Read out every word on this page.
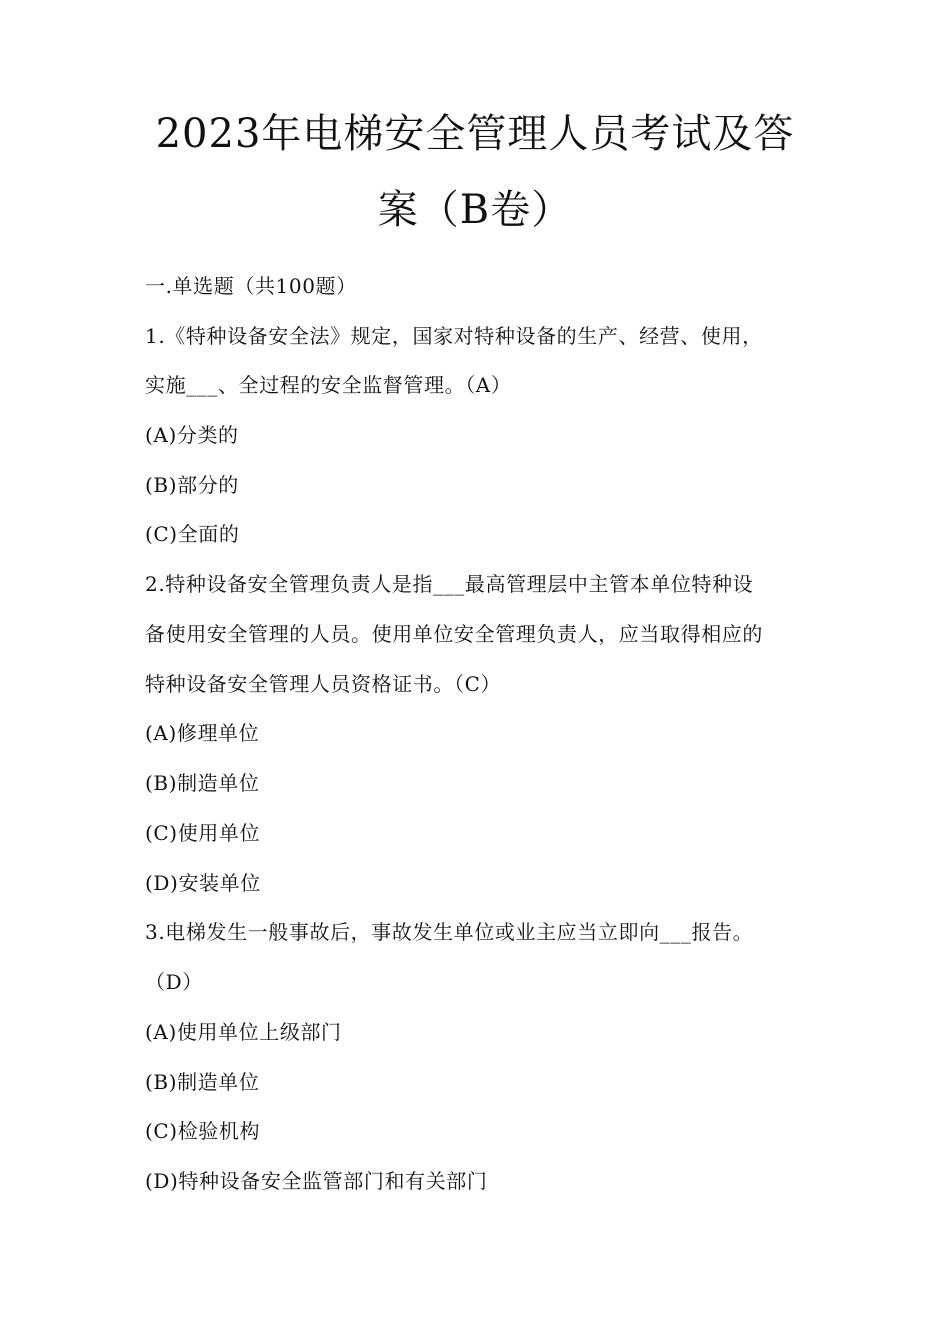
2023年电梯安全管理人员考试及答
案（B卷）
一.单选题（共100题）
1.《特种设备安全法》规定，国家对特种设备的生产、经营、使用，
实施___、全过程的安全监督管理。（A）
(A)分类的
(B)部分的
(C)全面的
2.特种设备安全管理负责人是指___最高管理层中主管本单位特种设
备使用安全管理的人员。使用单位安全管理负责人，应当取得相应的
特种设备安全管理人员资格证书。（C）
(A)修理单位
(B)制造单位
(C)使用单位
(D)安装单位
3.电梯发生一般事故后，事故发生单位或业主应当立即向___报告。
（D）
(A)使用单位上级部门
(B)制造单位
(C)检验机构
(D)特种设备安全监管部门和有关部门
